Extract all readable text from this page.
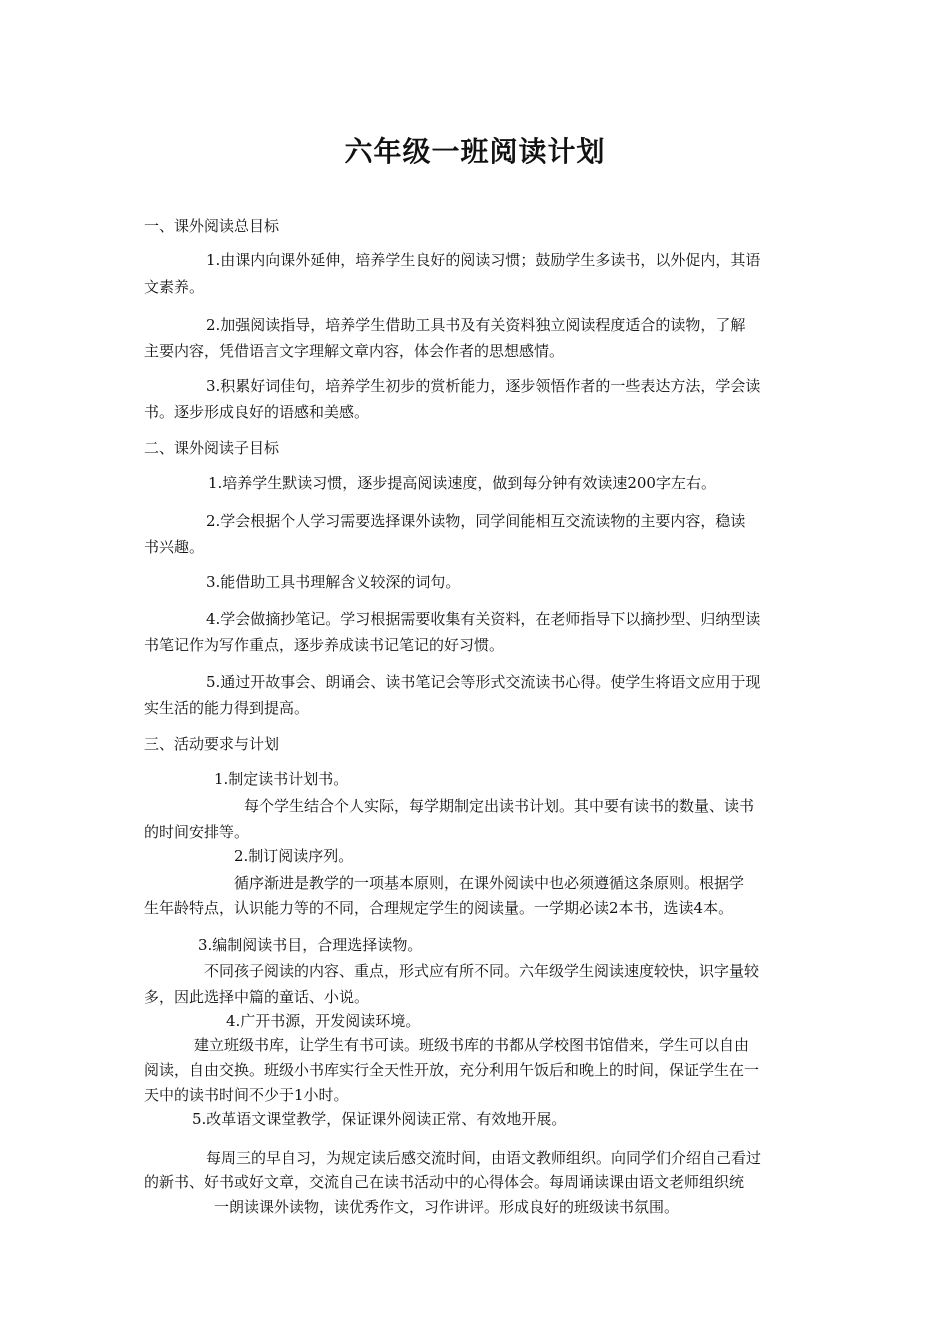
六年级一班阅读计划
一、课外阅读总目标
1.由课内向课外延伸，培养学生良好的阅读习惯；鼓励学生多读书，以外促内，其语
文素养。
2.加强阅读指导，培养学生借助工具书及有关资料独立阅读程度适合的读物，了解
主要内容，凭借语言文字理解文章内容，体会作者的思想感情。
3.积累好词佳句，培养学生初步的赏析能力，逐步领悟作者的一些表达方法，学会读
书。逐步形成良好的语感和美感。
二、课外阅读子目标
1.培养学生默读习惯，逐步提高阅读速度，做到每分钟有效读速200字左右。
2.学会根据个人学习需要选择课外读物，同学间能相互交流读物的主要内容，稳读
书兴趣。
3.能借助工具书理解含义较深的词句。
4.学会做摘抄笔记。学习根据需要收集有关资料，在老师指导下以摘抄型、归纳型读
书笔记作为写作重点，逐步养成读书记笔记的好习惯。
5.通过开故事会、朗诵会、读书笔记会等形式交流读书心得。使学生将语文应用于现
实生活的能力得到提高。
三、活动要求与计划
1.制定读书计划书。
每个学生结合个人实际，每学期制定出读书计划。其中要有读书的数量、读书
的时间安排等。
2.制订阅读序列。
循序渐进是教学的一项基本原则，在课外阅读中也必须遵循这条原则。根据学
生年龄特点，认识能力等的不同，合理规定学生的阅读量。一学期必读2本书，选读4本。
3.编制阅读书目，合理选择读物。
不同孩子阅读的内容、重点，形式应有所不同。六年级学生阅读速度较快，识字量较
多，因此选择中篇的童话、小说。
4.广开书源，开发阅读环境。
建立班级书库，让学生有书可读。班级书库的书都从学校图书馆借来，学生可以自由
阅读，自由交换。班级小书库实行全天性开放，充分利用午饭后和晚上的时间，保证学生在一
天中的读书时间不少于1小时。
5.改革语文课堂教学，保证课外阅读正常、有效地开展。
每周三的早自习，为规定读后感交流时间，由语文教师组织。向同学们介绍自己看过
的新书、好书或好文章，交流自己在读书活动中的心得体会。每周诵读课由语文老师组织统
一朗读课外读物，读优秀作文，习作讲评。形成良好的班级读书氛围。
